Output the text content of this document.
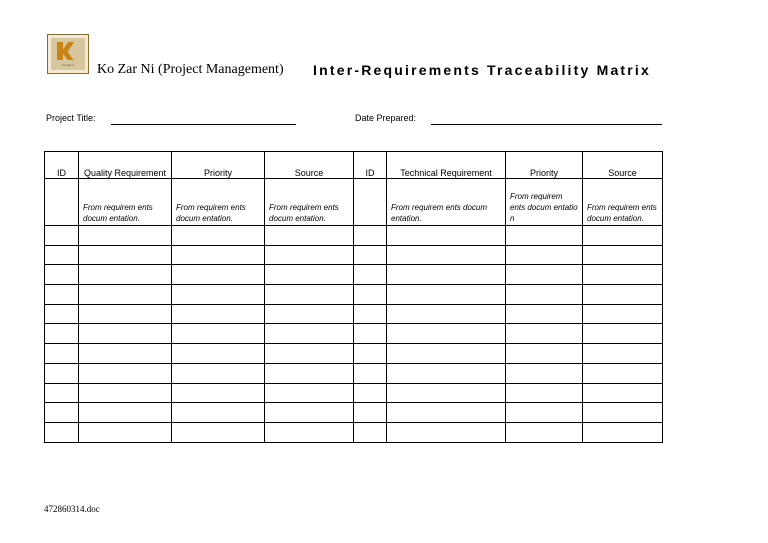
ko zar ni	Ko Zar Ni (Project Management) Inter-Requirements Traceability Matrix
Project Title:	Date Prepared:
ID	Quality Requirement	Priority	Source	ID	Technical Requirement	Priority	Source
	From requirem ents docum entation.	From requirem ents docum entation.	From requirem ents docum entation.		From requirem ents docum entation.	From requirem ents docum entatio n	From requirem ents docum entation.

472860314.doc
